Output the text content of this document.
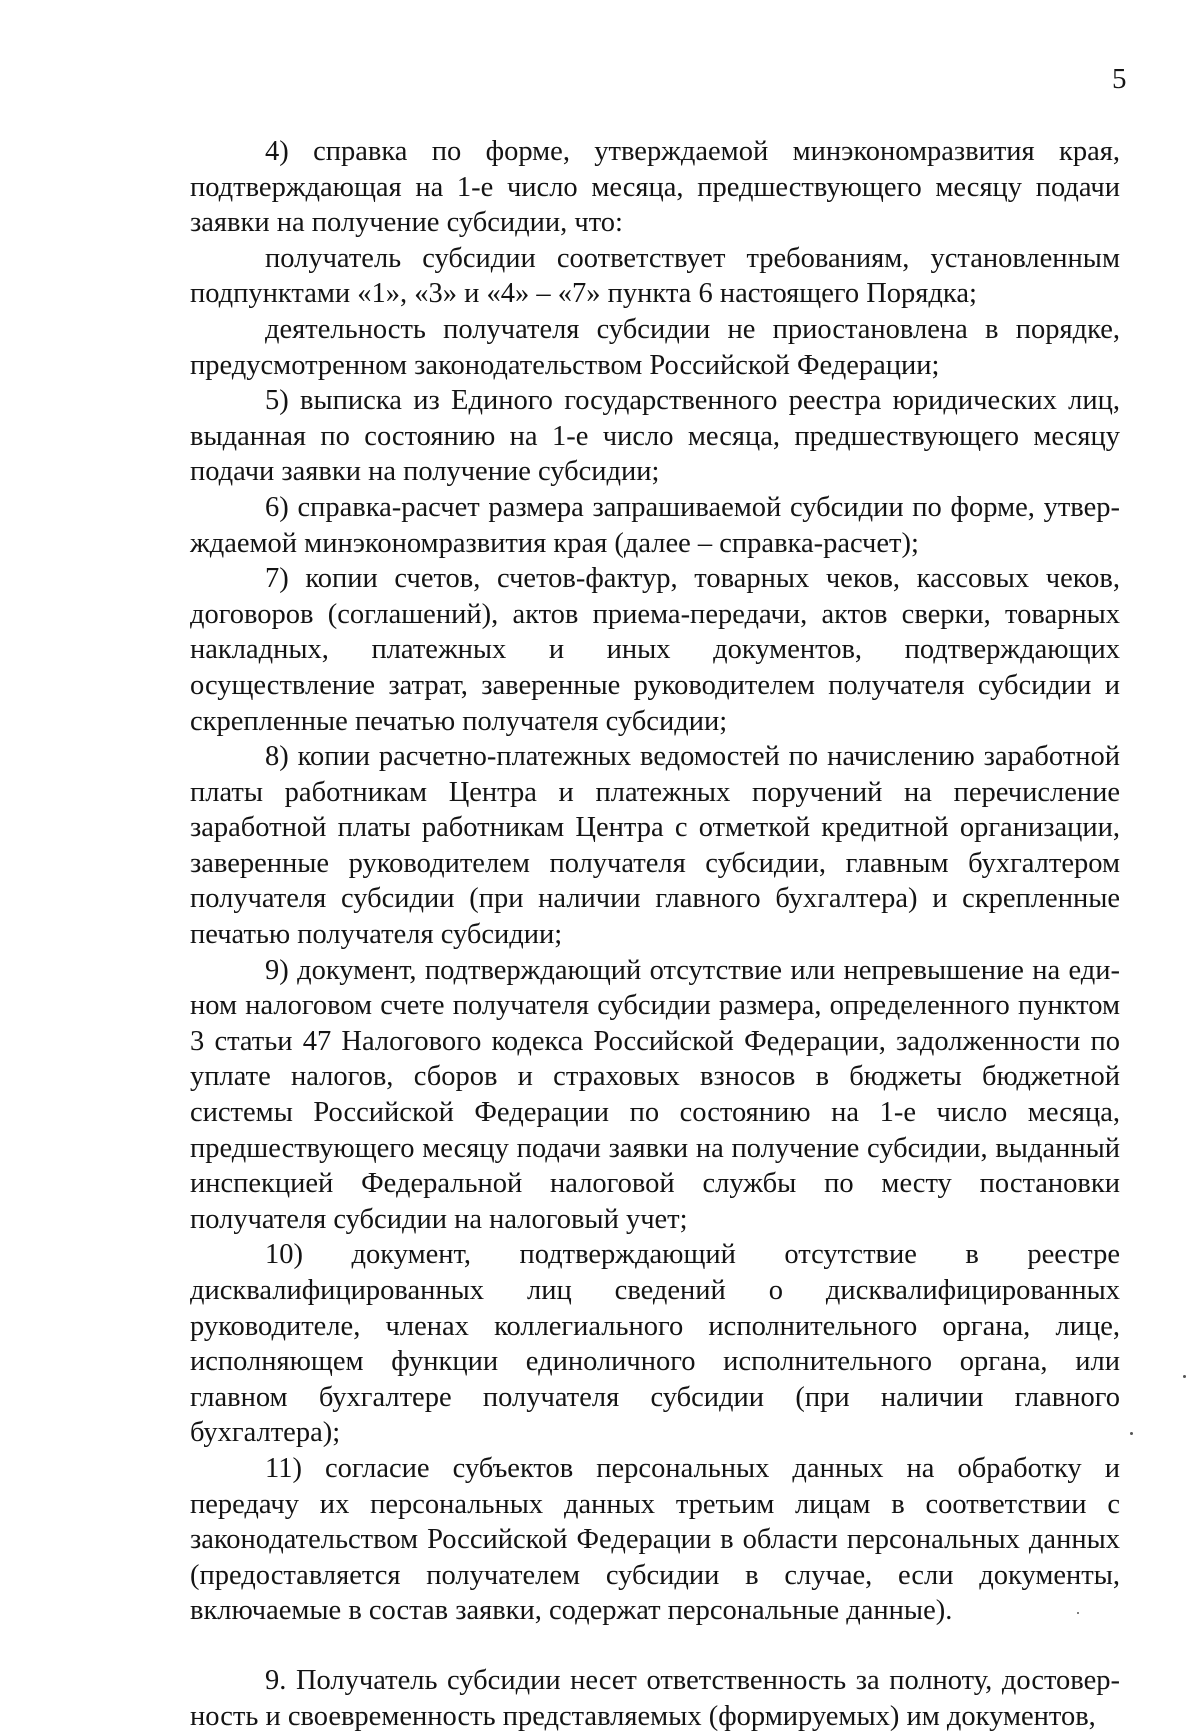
5

4) справка по форме, утверждаемой минэкономразвития края, подтверждающая на 1-е число месяца, предшествующего месяцу подачи заявки на получение субсидии, что:

получатель субсидии соответствует требованиям, установленным подпунктами «1», «3» и «4» – «7» пункта 6 настоящего Порядка;

деятельность получателя субсидии не приостановлена в порядке, предусмотренном законодательством Российской Федерации;

5) выписка из Единого государственного реестра юридических лиц, выданная по состоянию на 1-е число месяца, предшествующего месяцу подачи заявки на получение субсидии;

6) справка-расчет размера запрашиваемой субсидии по форме, утверждаемой минэкономразвития края (далее – справка-расчет);

7) копии счетов, счетов-фактур, товарных чеков, кассовых чеков, договоров (соглашений), актов приема-передачи, актов сверки, товарных накладных, платежных и иных документов, подтверждающих осуществление затрат, заверенные руководителем получателя субсидии и скрепленные печатью получателя субсидии;

8) копии расчетно-платежных ведомостей по начислению заработной платы работникам Центра и платежных поручений на перечисление заработной платы работникам Центра с отметкой кредитной организации, заверенные руководителем получателя субсидии, главным бухгалтером получателя субсидии (при наличии главного бухгалтера) и скрепленные печатью получателя субсидии;

9) документ, подтверждающий отсутствие или непревышение на едином налоговом счете получателя субсидии размера, определенного пунктом 3 статьи 47 Налогового кодекса Российской Федерации, задолженности по уплате налогов, сборов и страховых взносов в бюджеты бюджетной системы Российской Федерации по состоянию на 1-е число месяца, предшествующего месяцу подачи заявки на получение субсидии, выданный инспекцией Федеральной налоговой службы по месту постановки получателя субсидии на налоговый учет;

10) документ, подтверждающий отсутствие в реестре дисквалифицированных лиц сведений о дисквалифицированных руководителе, членах коллегиального исполнительного органа, лице, исполняющем функции единоличного исполнительного органа, или главном бухгалтере получателя субсидии (при наличии главного бухгалтера);

11) согласие субъектов персональных данных на обработку и передачу их персональных данных третьим лицам в соответствии с законодательством Российской Федерации в области персональных данных (предоставляется получателем субсидии в случае, если документы, включаемые в состав заявки, содержат персональные данные).

9. Получатель субсидии несет ответственность за полноту, достоверность и своевременность представляемых (формируемых) им документов,
